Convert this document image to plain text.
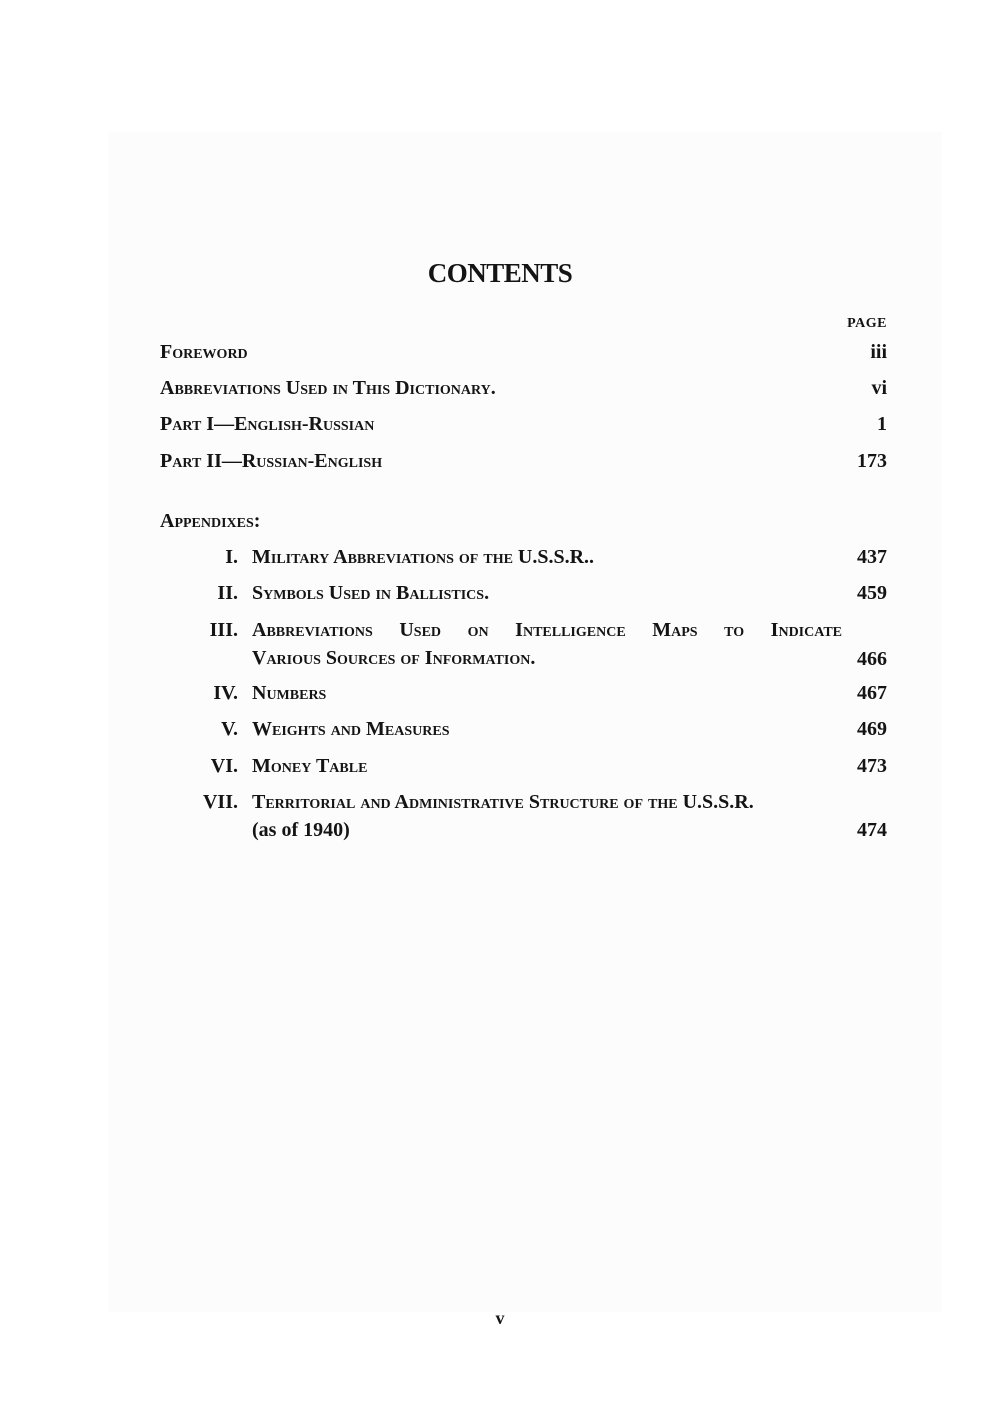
CONTENTS
PAGE
Foreword	iii
Abbreviations Used in This Dictionary.	vi
Part I—English-Russian	1
Part II—Russian-English	173
Appendixes:
I. Military Abbreviations of the U.S.S.R..	437
II. Symbols Used in Ballistics.	459
III. Abbreviations Used on Intelligence Maps to Indicate
Various Sources of Information.	466
IV. Numbers	467
V. Weights and Measures	469
VI. Money Table	473
VII. Territorial and Administrative Structure of the U.S.S.R.
(as of 1940)	474
v
